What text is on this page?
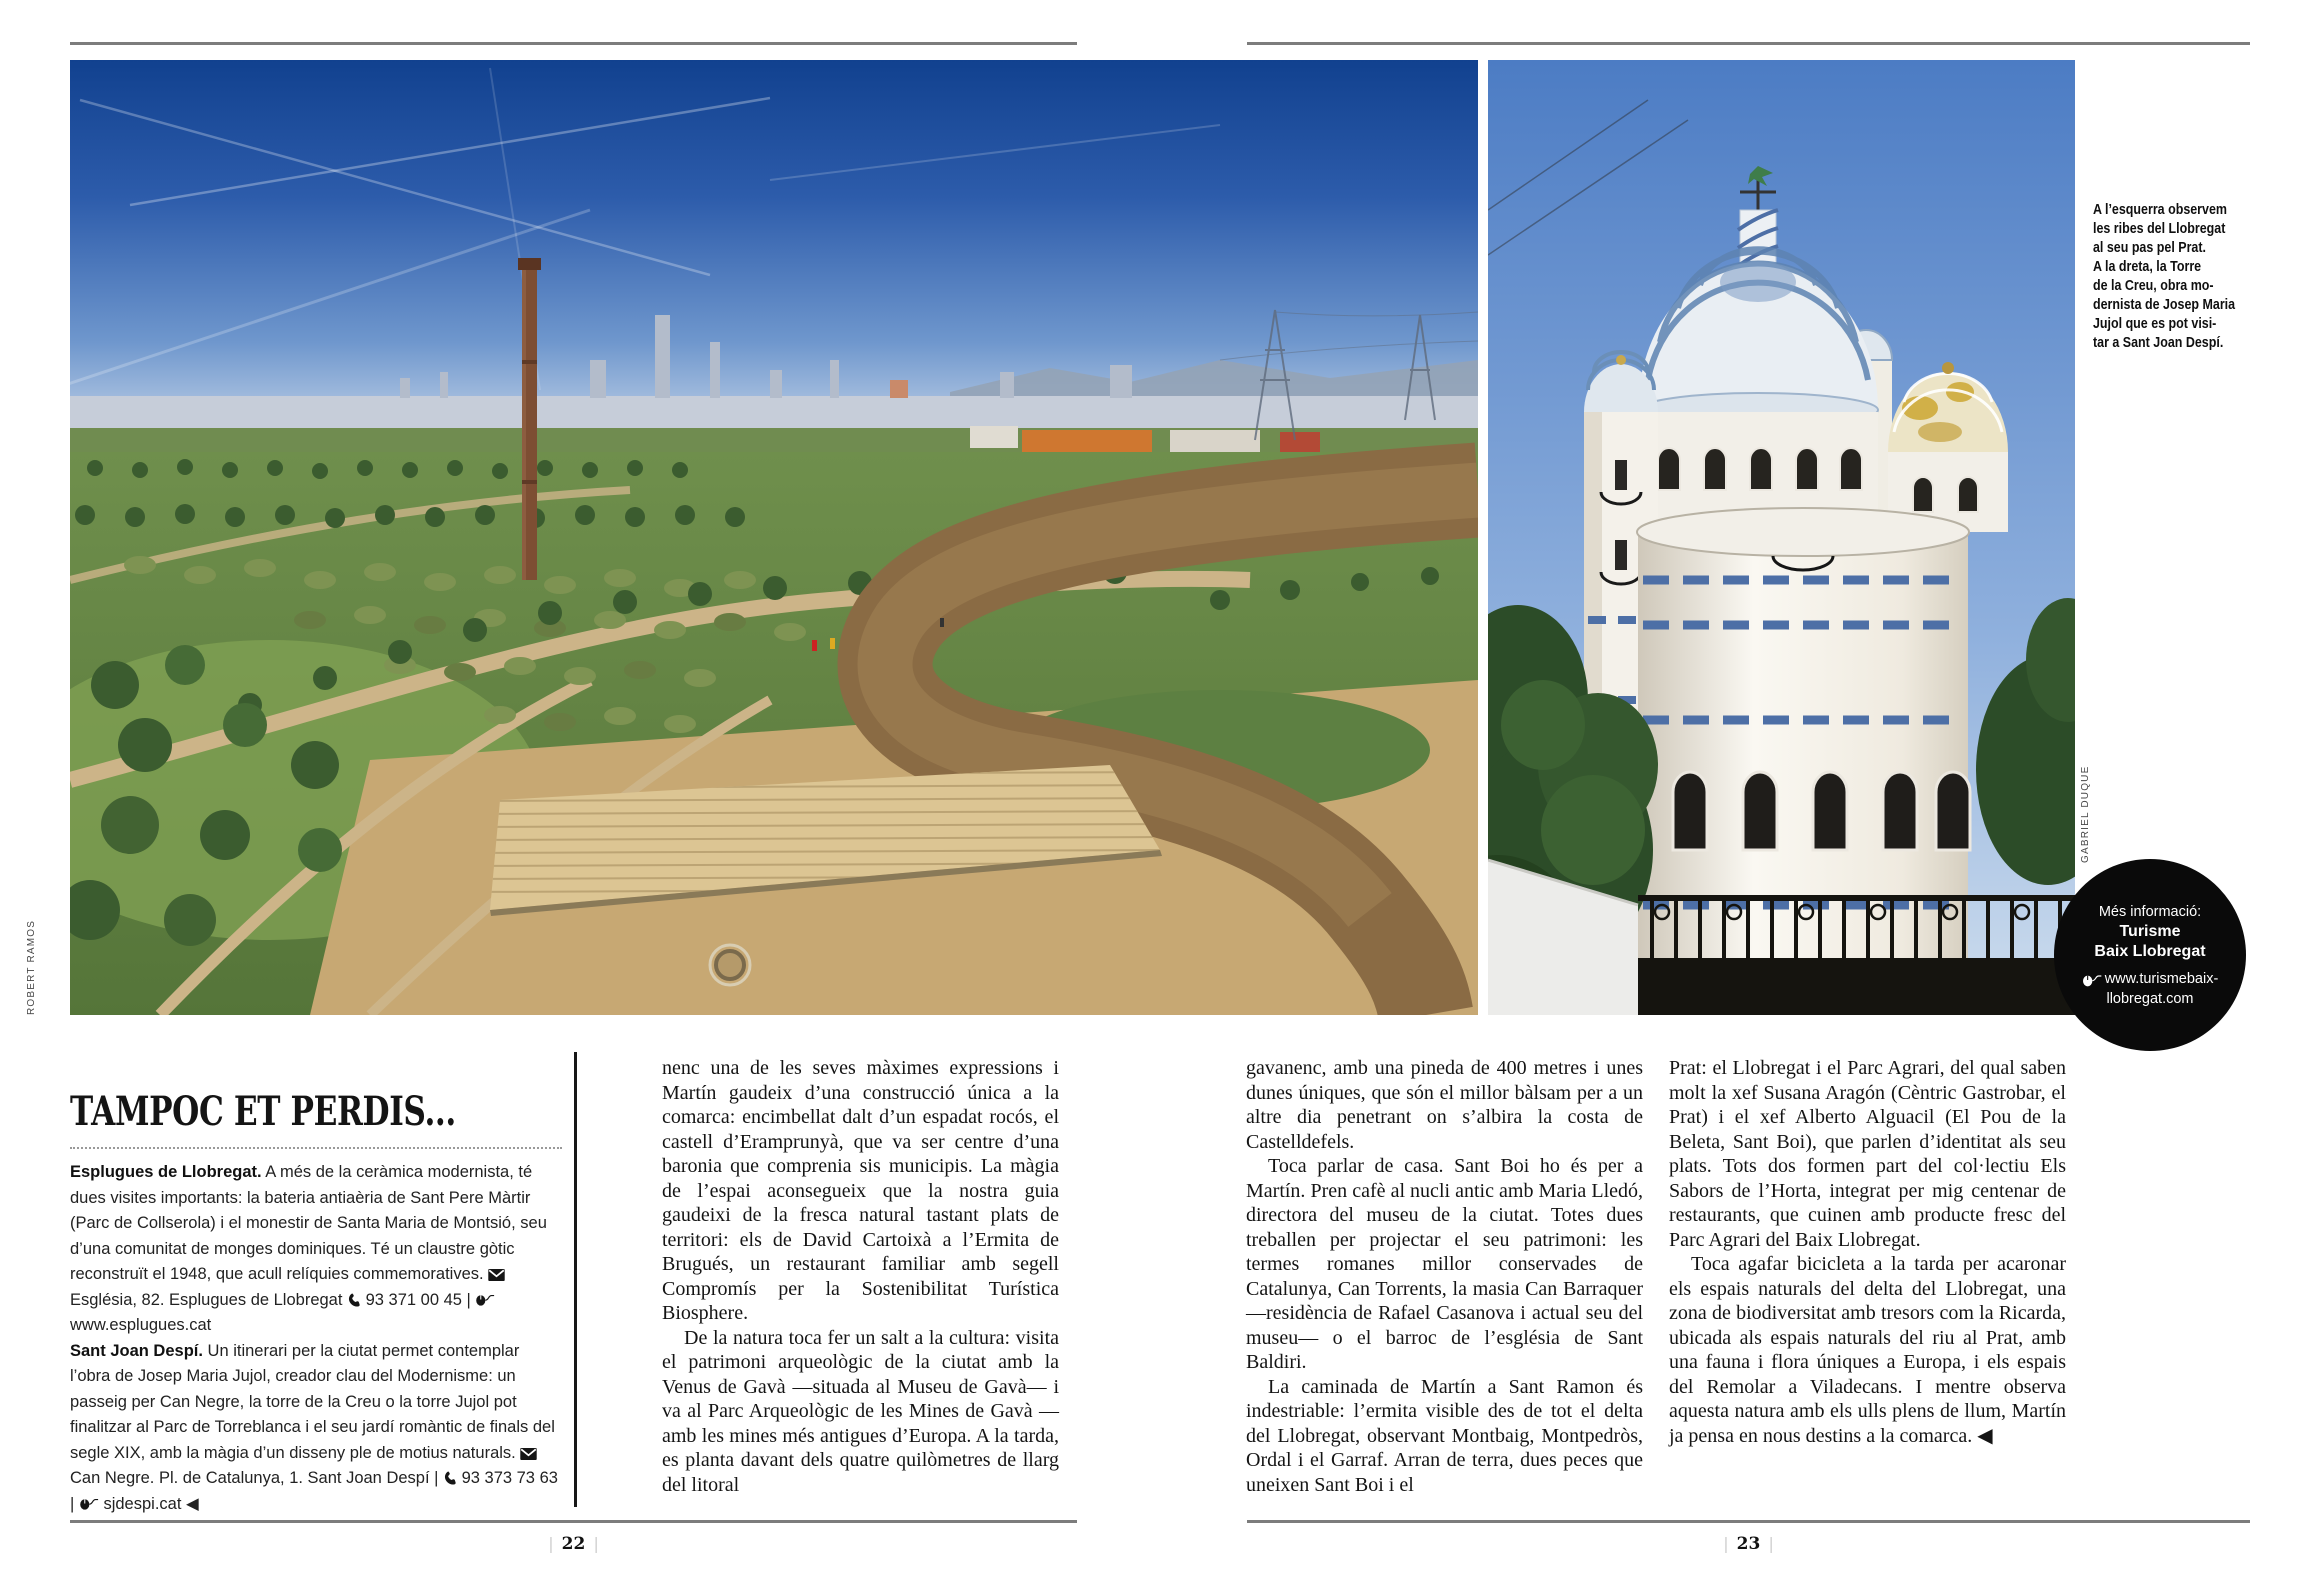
ROBERT RAMOS
GABRIEL DUQUE
A l’esquerra observem
les ribes del Llobregat
al seu pas pel Prat.
A la dreta, la Torre
de la Creu, obra mo-
dernista de Josep Maria
Jujol que es pot visi-
tar a Sant Joan Despí.
Més informació:
Turisme
Baix Llobregat
www.turismebaix-
llobregat.com
TAMPOC ET PERDIS...

Esplugues de Llobregat. A més de la ceràmica modernista, té dues visites importants: la bateria antiaèria de Sant Pere Màrtir (Parc de Collserola) i el monestir de Santa Maria de Montsió, seu d’una comunitat de monges dominiques. Té un claustre gòtic reconstruït el 1948, que acull relíquies commemoratives.  Església, 82. Esplugues de Llobregat  93 371 00 45 |  www.esplugues.cat

Sant Joan Despí. Un itinerari per la ciutat permet contemplar l’obra de Josep Maria Jujol, creador clau del Modernisme: un passeig per Can Negre, la torre de la Creu o la torre Jujol pot finalitzar al Parc de Torreblanca i el seu jardí romàntic de finals del segle XIX, amb la màgia d’un disseny ple de motius naturals.  Can Negre. Pl. de Catalunya, 1. Sant Joan Despí |  93 373 73 63 |  sjdespi.cat ◀

nenc una de les seves màximes expressions i Martín gaudeix d’una construcció única a la comarca: encimbellat dalt d’un espadat rocós, el castell d’Eramprunyà, que va ser centre d’una baronia que comprenia sis municipis. La màgia de l’espai aconsegueix que la nostra guia gaudeixi de la fresca natural tastant plats de territori: els de David Cartoixà a l’Ermita de Brugués, un restaurant familiar amb segell Compromís per la Sostenibilitat Turística Biosphere.

De la natura toca fer un salt a la cultura: visita el patrimoni arqueològic de la ciutat amb la Venus de Gavà —situada al Museu de Gavà— i va al Parc Arqueològic de les Mines de Gavà —amb les mines més antigues d’Europa. A la tarda, es planta davant dels quatre quilòmetres de llarg del litoral

gavanenc, amb una pineda de 400 metres i unes dunes úniques, que són el millor bàlsam per a un altre dia penetrant on s’albira la costa de Castelldefels.

Toca parlar de casa. Sant Boi ho és per a Martín. Pren cafè al nucli antic amb Maria Lledó, directora del museu de la ciutat. Totes dues treballen per projectar el seu patrimoni: les termes romanes millor conservades de Catalunya, Can Torrents, la masia Can Barraquer —residència de Rafael Casanova i actual seu del museu— o el barroc de l’església de Sant Baldiri.

La caminada de Martín a Sant Ramon és indestriable: l’ermita visible des de tot el delta del Llobregat, observant Montbaig, Montpedròs, Ordal i el Garraf. Arran de terra, dues peces que uneixen Sant Boi i el

Prat: el Llobregat i el Parc Agrari, del qual saben molt la xef Susana Aragón (Cèntric Gastrobar, el Prat) i el xef Alberto Alguacil (El Pou de la Beleta, Sant Boi), que parlen d’identitat als seu plats. Tots dos formen part del col·lectiu Els Sabors de l’Horta, integrat per mig centenar de restaurants, que cuinen amb producte fresc del Parc Agrari del Baix Llobregat.

Toca agafar bicicleta a la tarda per acaronar els espais naturals del delta del Llobregat, una zona de biodiversitat amb tresors com la Ricarda, ubicada als espais naturals del riu al Prat, amb una fauna i flora úniques a Europa, i els espais del Remolar a Viladecans. I mentre observa aquesta natura amb els ulls plens de llum, Martín ja pensa en nous destins a la comarca. ◀

| 22 |	| 23 |
